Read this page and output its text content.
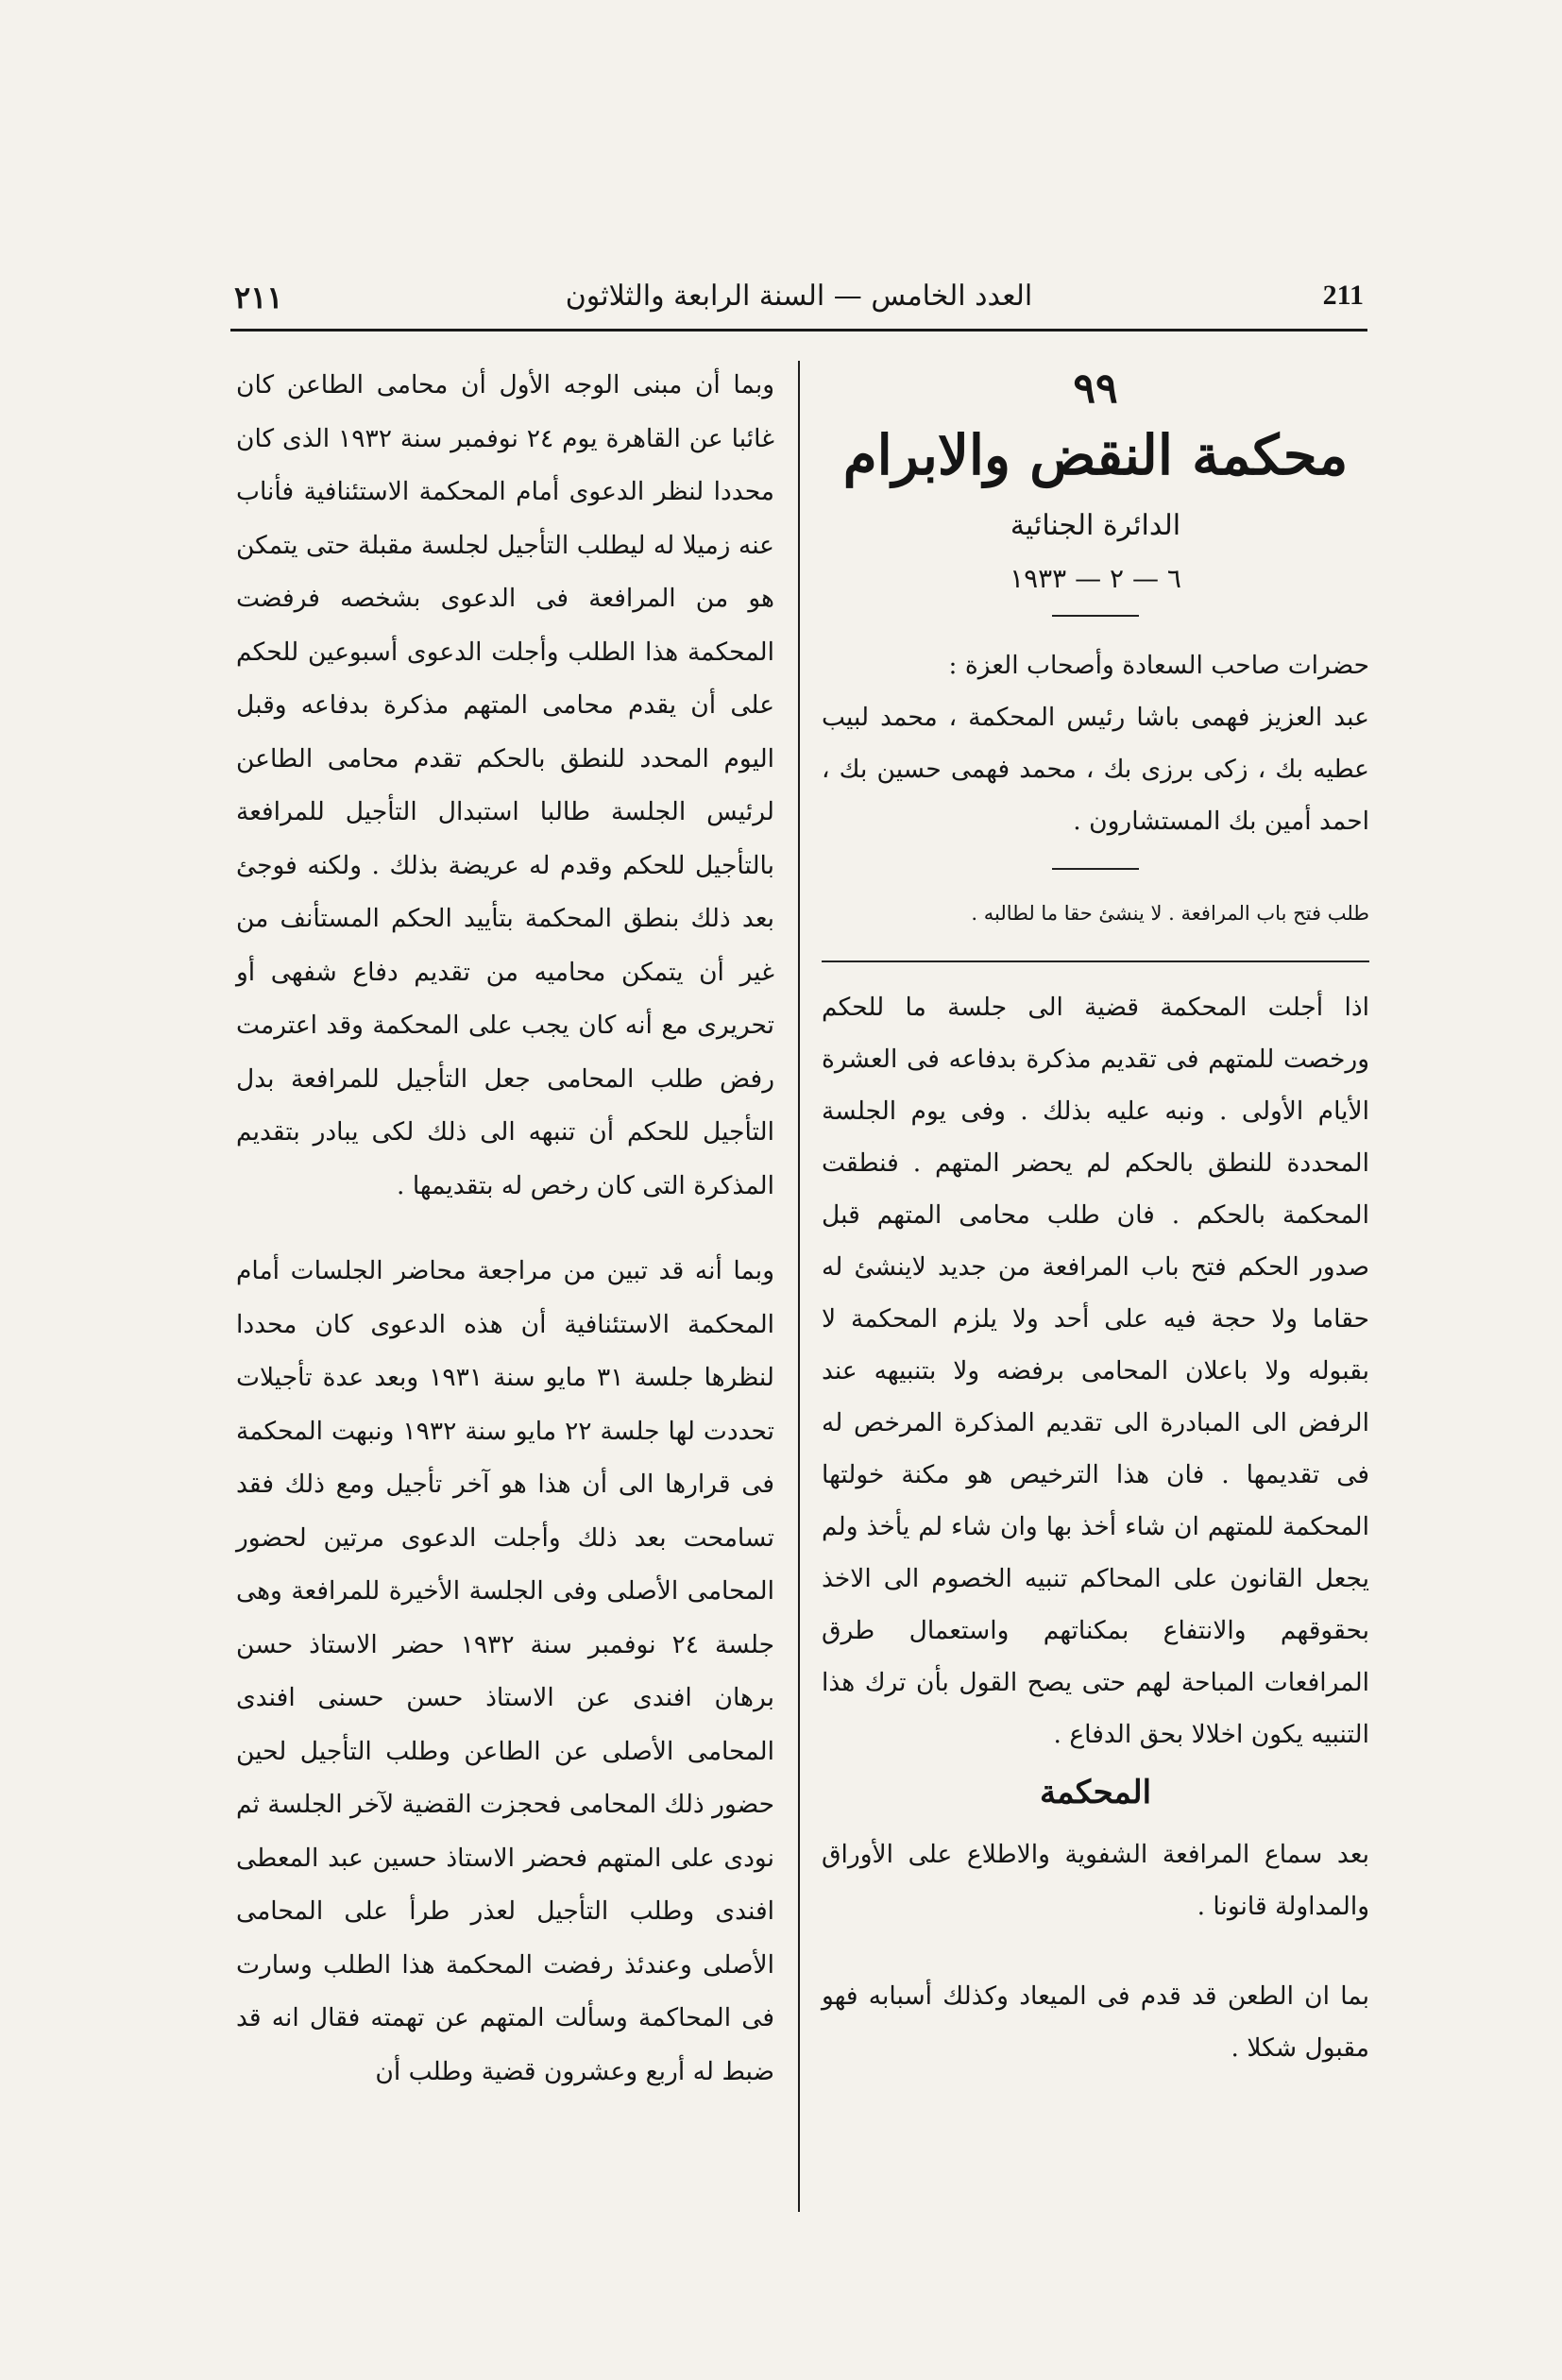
211
العدد الخامس — السنة الرابعة والثلاثون
٢١١
٩٩
محكمة النقض والابرام
الدائرة الجنائية
٦ — ٢ — ١٩٣٣

حضرات صاحب السعادة وأصحاب العزة :

عبد العزيز فهمى باشا رئيس المحكمة ، محمد لبيب عطيه بك ، زكى برزى بك ، محمد فهمى حسين بك ، احمد أمين بك المستشارون .

طلب فتح باب المرافعة . لا ينشئ حقا ما لطالبه .

اذا أجلت المحكمة قضية الى جلسة ما للحكم ورخصت للمتهم فى تقديم مذكرة بدفاعه فى العشرة الأيام الأولى . ونبه عليه بذلك . وفى يوم الجلسة المحددة للنطق بالحكم لم يحضر المتهم . فنطقت المحكمة بالحكم . فان طلب محامى المتهم قبل صدور الحكم فتح باب المرافعة من جديد لاينشئ له حقاما ولا حجة فيه على أحد ولا يلزم المحكمة لا بقبوله ولا باعلان المحامى برفضه ولا بتنبيهه عند الرفض الى المبادرة الى تقديم المذكرة المرخص له فى تقديمها . فان هذا الترخيص هو مكنة خولتها المحكمة للمتهم ان شاء أخذ بها وان شاء لم يأخذ ولم يجعل القانون على المحاكم تنبيه الخصوم الى الاخذ بحقوقهم والانتفاع بمكناتهم واستعمال طرق المرافعات المباحة لهم حتى يصح القول بأن ترك هذا التنبيه يكون اخلالا بحق الدفاع .

المحكمة

بعد سماع المرافعة الشفوية والاطلاع على الأوراق والمداولة قانونا .

بما ان الطعن قد قدم فى الميعاد وكذلك أسبابه فهو مقبول شكلا .

وبما أن مبنى الوجه الأول أن محامى الطاعن كان غائبا عن القاهرة يوم ٢٤ نوفمبر سنة ١٩٣٢ الذى كان محددا لنظر الدعوى أمام المحكمة الاستئنافية فأناب عنه زميلا له ليطلب التأجيل لجلسة مقبلة حتى يتمكن هو من المرافعة فى الدعوى بشخصه فرفضت المحكمة هذا الطلب وأجلت الدعوى أسبوعين للحكم على أن يقدم محامى المتهم مذكرة بدفاعه وقبل اليوم المحدد للنطق بالحكم تقدم محامى الطاعن لرئيس الجلسة طالبا استبدال التأجيل للمرافعة بالتأجيل للحكم وقدم له عريضة بذلك . ولكنه فوجئ بعد ذلك بنطق المحكمة بتأييد الحكم المستأنف من غير أن يتمكن محاميه من تقديم دفاع شفهى أو تحريرى مع أنه كان يجب على المحكمة وقد اعترمت رفض طلب المحامى جعل التأجيل للمرافعة بدل التأجيل للحكم أن تنبهه الى ذلك لكى يبادر بتقديم المذكرة التى كان رخص له بتقديمها .

وبما أنه قد تبين من مراجعة محاضر الجلسات أمام المحكمة الاستئنافية أن هذه الدعوى كان محددا لنظرها جلسة ٣١ مايو سنة ١٩٣١ وبعد عدة تأجيلات تحددت لها جلسة ٢٢ مايو سنة ١٩٣٢ ونبهت المحكمة فى قرارها الى أن هذا هو آخر تأجيل ومع ذلك فقد تسامحت بعد ذلك وأجلت الدعوى مرتين لحضور المحامى الأصلى وفى الجلسة الأخيرة للمرافعة وهى جلسة ٢٤ نوفمبر سنة ١٩٣٢ حضر الاستاذ حسن برهان افندى عن الاستاذ حسن حسنى افندى المحامى الأصلى عن الطاعن وطلب التأجيل لحين حضور ذلك المحامى فحجزت القضية لآخر الجلسة ثم نودى على المتهم فحضر الاستاذ حسين عبد المعطى افندى وطلب التأجيل لعذر طرأ على المحامى الأصلى وعندئذ رفضت المحكمة هذا الطلب وسارت فى المحاكمة وسألت المتهم عن تهمته فقال انه قد ضبط له أربع وعشرون قضية وطلب أن
